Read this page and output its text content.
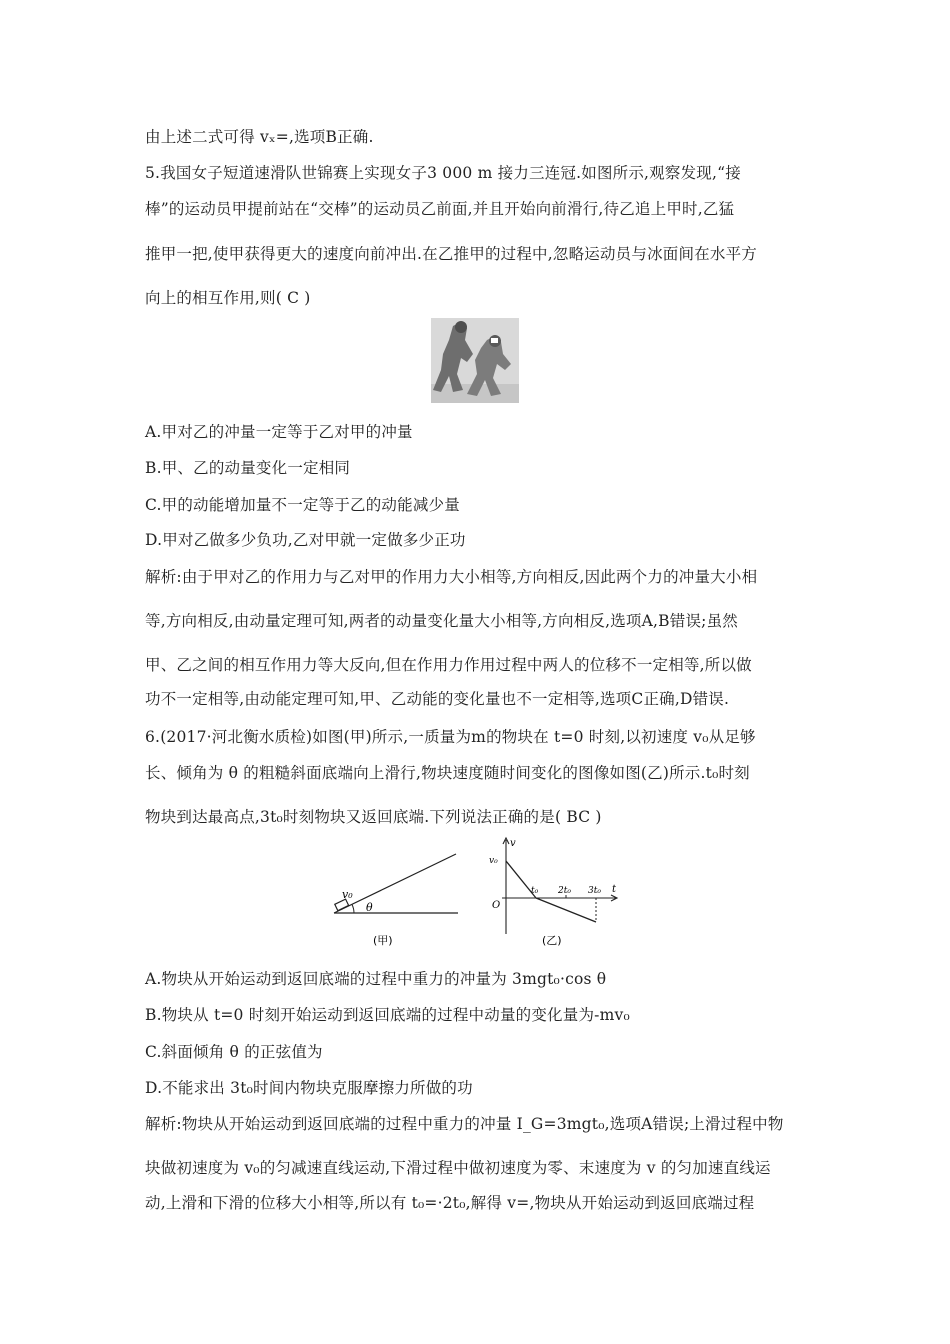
由上述二式可得 vₓ=,选项B正确.
5.我国女子短道速滑队世锦赛上实现女子3 000 m 接力三连冠.如图所示,观察发现,“接
棒”的运动员甲提前站在“交棒”的运动员乙前面,并且开始向前滑行,待乙追上甲时,乙猛
推甲一把,使甲获得更大的速度向前冲出.在乙推甲的过程中,忽略运动员与冰面间在水平方
向上的相互作用,则( C )
A.甲对乙的冲量一定等于乙对甲的冲量
B.甲、乙的动量变化一定相同
C.甲的动能增加量不一定等于乙的动能减少量
D.甲对乙做多少负功,乙对甲就一定做多少正功
解析:由于甲对乙的作用力与乙对甲的作用力大小相等,方向相反,因此两个力的冲量大小相
等,方向相反,由动量定理可知,两者的动量变化量大小相等,方向相反,选项A,B错误;虽然
甲、乙之间的相互作用力等大反向,但在作用力作用过程中两人的位移不一定相等,所以做
功不一定相等,由动能定理可知,甲、乙动能的变化量也不一定相等,选项C正确,D错误.
6.(2017·河北衡水质检)如图(甲)所示,一质量为m的物块在 t=0 时刻,以初速度 v₀从足够
长、倾角为 θ 的粗糙斜面底端向上滑行,物块速度随时间变化的图像如图(乙)所示.t₀时刻
物块到达最高点,3t₀时刻物块又返回底端.下列说法正确的是( BC )
v₀
θ
(甲)
v
t
v₀
O
t₀ 2t₀ 3t₀
(乙)
A.物块从开始运动到返回底端的过程中重力的冲量为 3mgt₀·cos θ
B.物块从 t=0 时刻开始运动到返回底端的过程中动量的变化量为-mv₀
C.斜面倾角 θ 的正弦值为
D.不能求出 3t₀时间内物块克服摩擦力所做的功
解析:物块从开始运动到返回底端的过程中重力的冲量 I_G=3mgt₀,选项A错误;上滑过程中物
块做初速度为 v₀的匀减速直线运动,下滑过程中做初速度为零、末速度为 v 的匀加速直线运
动,上滑和下滑的位移大小相等,所以有 t₀=·2t₀,解得 v=,物块从开始运动到返回底端过程
